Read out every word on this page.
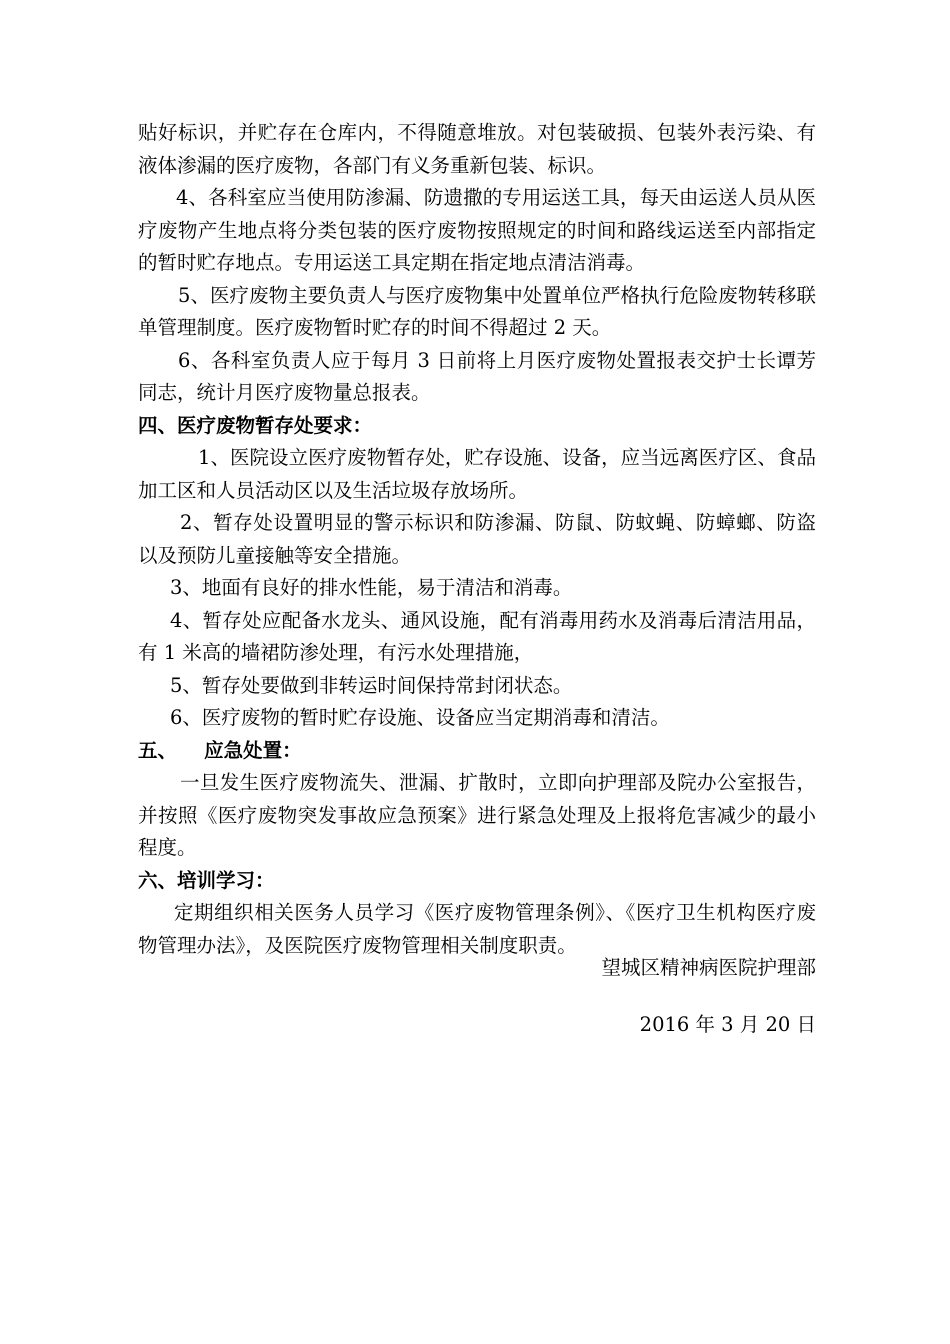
贴好标识，并贮存在仓库内，不得随意堆放。对包装破损、包装外表污染、有液体渗漏的医疗废物，各部门有义务重新包装、标识。

4、各科室应当使用防渗漏、防遗撒的专用运送工具，每天由运送人员从医疗废物产生地点将分类包装的医疗废物按照规定的时间和路线运送至内部指定的暂时贮存地点。专用运送工具定期在指定地点清洁消毒。

5、医疗废物主要负责人与医疗废物集中处置单位严格执行危险废物转移联单管理制度。医疗废物暂时贮存的时间不得超过 2 天。

6、各科室负责人应于每月 3 日前将上月医疗废物处置报表交护士长谭芳同志，统计月医疗废物量总报表。

四、医疗废物暂存处要求：

1、医院设立医疗废物暂存处，贮存设施、设备，应当远离医疗区、食品加工区和人员活动区以及生活垃圾存放场所。

2、暂存处设置明显的警示标识和防渗漏、防鼠、防蚊蝇、防蟑螂、防盗以及预防儿童接触等安全措施。

3、地面有良好的排水性能，易于清洁和消毒。

4、暂存处应配备水龙头、通风设施，配有消毒用药水及消毒后清洁用品，有 1 米高的墙裙防渗处理，有污水处理措施，

5、暂存处要做到非转运时间保持常封闭状态。

6、医疗废物的暂时贮存设施、设备应当定期消毒和清洁。

五、    应急处置：

一旦发生医疗废物流失、泄漏、扩散时，立即向护理部及院办公室报告，并按照《医疗废物突发事故应急预案》进行紧急处理及上报将危害减少的最小程度。

六、培训学习：

定期组织相关医务人员学习《医疗废物管理条例》、《医疗卫生机构医疗废物管理办法》，及医院医疗废物管理相关制度职责。

望城区精神病医院护理部
2016 年 3 月 20 日
